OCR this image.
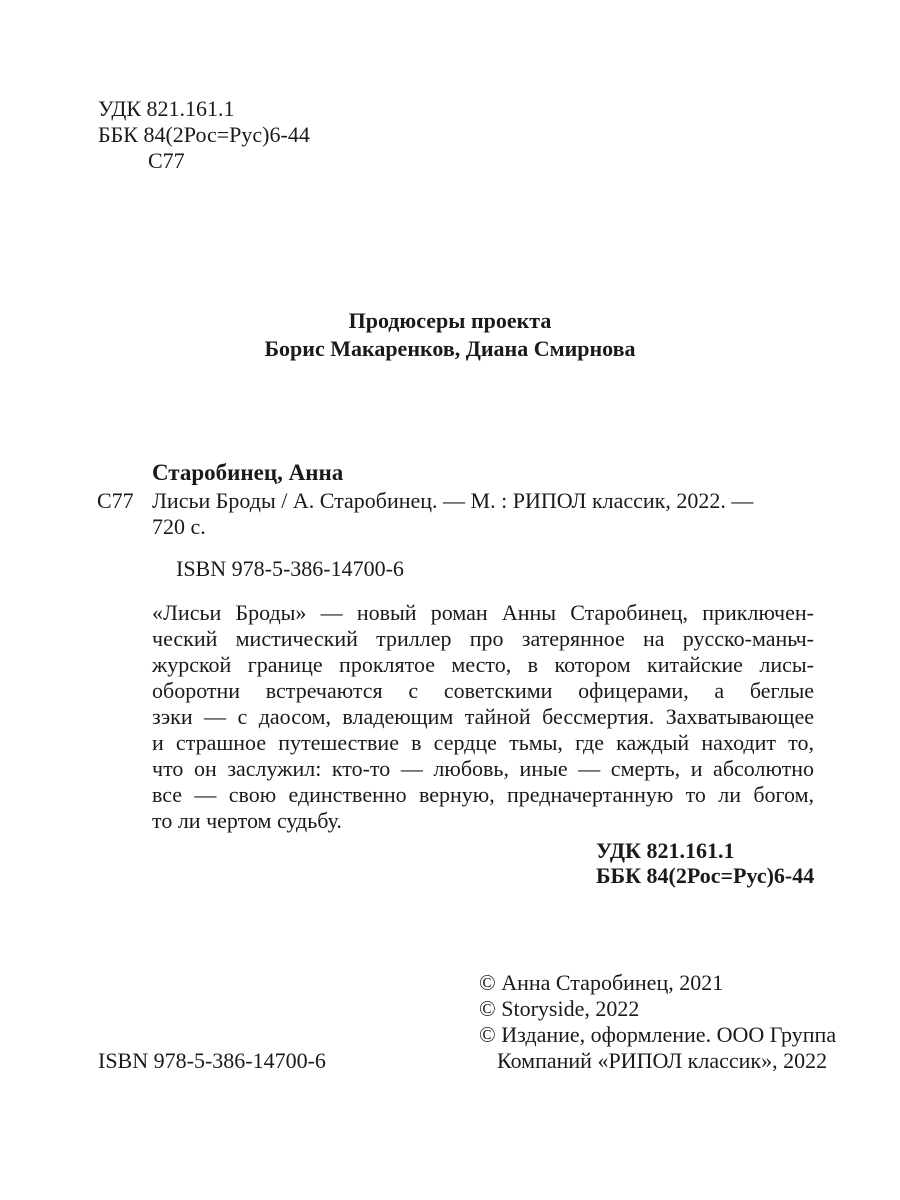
УДК 821.161.1
ББК 84(2Рос=Рус)6-44
С77
Продюсеры проекта
Борис Макаренков, Диана Смирнова
Старобинец, Анна
С77 Лисьи Броды / А. Старобинец. — М. : РИПОЛ классик, 2022. —
720 с.
ISBN 978-5-386-14700-6
«Лисьи Броды» — новый роман Анны Старобинец, приключен-
ческий мистический триллер про затерянное на русско-маньч-
журской границе проклятое место, в котором китайские лисы-
оборотни встречаются с советскими офицерами, а беглые
зэки — с даосом, владеющим тайной бессмертия. Захватывающее
и страшное путешествие в сердце тьмы, где каждый находит то,
что он заслужил: кто-то — любовь, иные — смерть, и абсолютно
все — свою единственно верную, предначертанную то ли богом,
то ли чертом судьбу.
УДК 821.161.1
ББК 84(2Рос=Рус)6-44
© Анна Старобинец, 2021
© Storyside, 2022
© Издание, оформление. ООО Группа
Компаний «РИПОЛ классик», 2022
ISBN 978-5-386-14700-6
